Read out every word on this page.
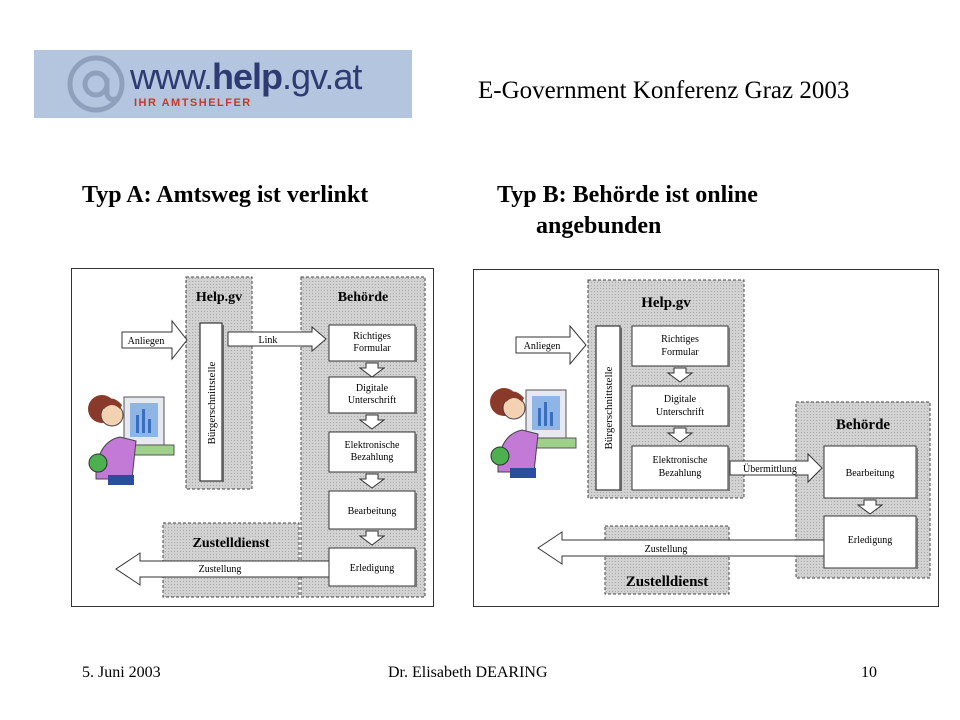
www.help.gv.at
IHR AMTSHELFER	E-Government Konferenz Graz 2003
Typ A: Amtsweg ist verlinkt	Typ B: Behörde ist online
angebunden
Help.gv	Behörde
Zustelldienst
Bürgerschnittstelle
Anliegen	Link	Richtiges
Formular
Digitale
Unterschrift
Elektronische
Bezahlung
Bearbeitung
Erledigung
Zustellung
Help.gv
Behörde
Zustelldienst
Bürgerschnittstelle
Anliegen
Richtiges
Formular
Digitale
Unterschrift
Elektronische
Bezahlung	Übermittlung	Bearbeitung
Erledigung
Zustellung
5. Juni 2003	Dr. Elisabeth DEARING	10
